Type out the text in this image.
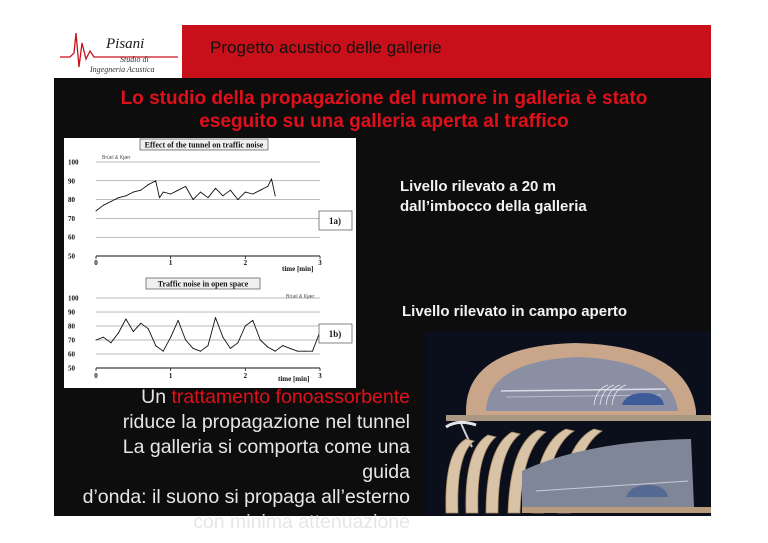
Pisani
Studio di
Ingegneria Acustica
Progetto acustico delle gallerie
Lo studio della propagazione del rumore in galleria è stato
eseguito su una galleria aperta al traffico
Effect of the tunnel on traffic noise
Brüel & Kjær
50
60
70
80
90
100
0	1	2	3
1a)
time [min]
Traffic noise in open space
Brüel & Kjær
50
60
70
80
90
100
0	1	2	3
1b)
time [min]
Livello rilevato a 20 m dall’imbocco della galleria
Livello rilevato in campo aperto
Un trattamento fonoassorbente
riduce la propagazione nel tunnel
La galleria si comporta come una guida
d’onda: il suono si propaga all’esterno
con minima attenuazione
